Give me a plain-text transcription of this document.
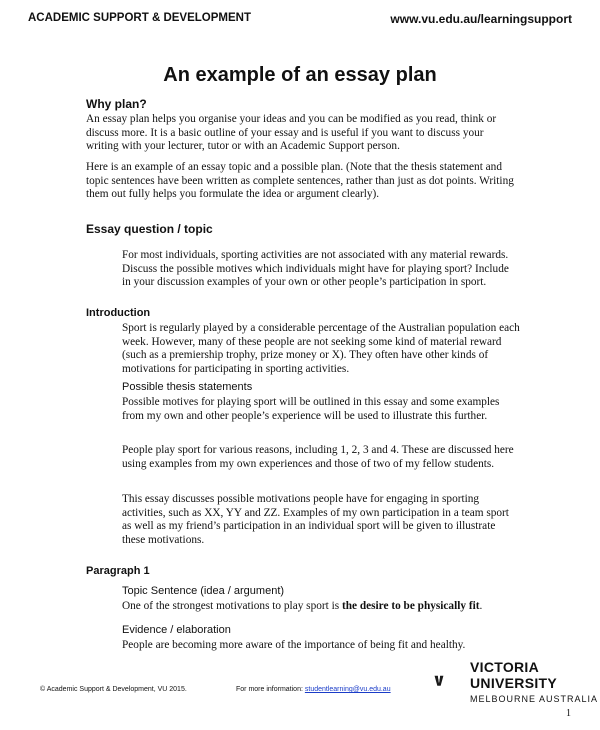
ACADEMIC SUPPORT & DEVELOPMENT	www.vu.edu.au/learningsupport
An example of an essay plan
Why plan?

An essay plan helps you organise your ideas and you can be modified as you read, think or discuss more. It is a basic outline of your essay and is useful if you want to discuss your writing with your lecturer, tutor or with an Academic Support person.

Here is an example of an essay topic and a possible plan. (Note that the thesis statement and topic sentences have been written as complete sentences, rather than just as dot points. Writing them out fully helps you formulate the idea or argument clearly).

Essay question / topic

For most individuals, sporting activities are not associated with any material rewards. Discuss the possible motives which individuals might have for playing sport? Include in your discussion examples of your own or other people’s participation in sport.

Introduction

Sport is regularly played by a considerable percentage of the Australian population each week. However, many of these people are not seeking some kind of material reward (such as a premiership trophy, prize money or X). They often have other kinds of motivations for participating in sporting activities.

Possible thesis statements

Possible motives for playing sport will be outlined in this essay and some examples from my own and other people’s experience will be used to illustrate this further.

People play sport for various reasons, including 1, 2, 3 and 4. These are discussed here using examples from my own experiences and those of two of my fellow students.

This essay discusses possible motivations people have for engaging in sporting activities, such as XX, YY and ZZ. Examples of my own participation in a team sport as well as my friend’s participation in an individual sport will be given to illustrate these motivations.

Paragraph 1
Topic Sentence (idea / argument)

One of the strongest motivations to play sport is the desire to be physically fit.

Evidence / elaboration

People are becoming more aware of the importance of being fit and healthy.

© Academic Support & Development, VU 2015.	For more information: studentlearning@vu.edu.au
VICTORIA
UNIVERSITY
MELBOURNE AUSTRALIA
1
